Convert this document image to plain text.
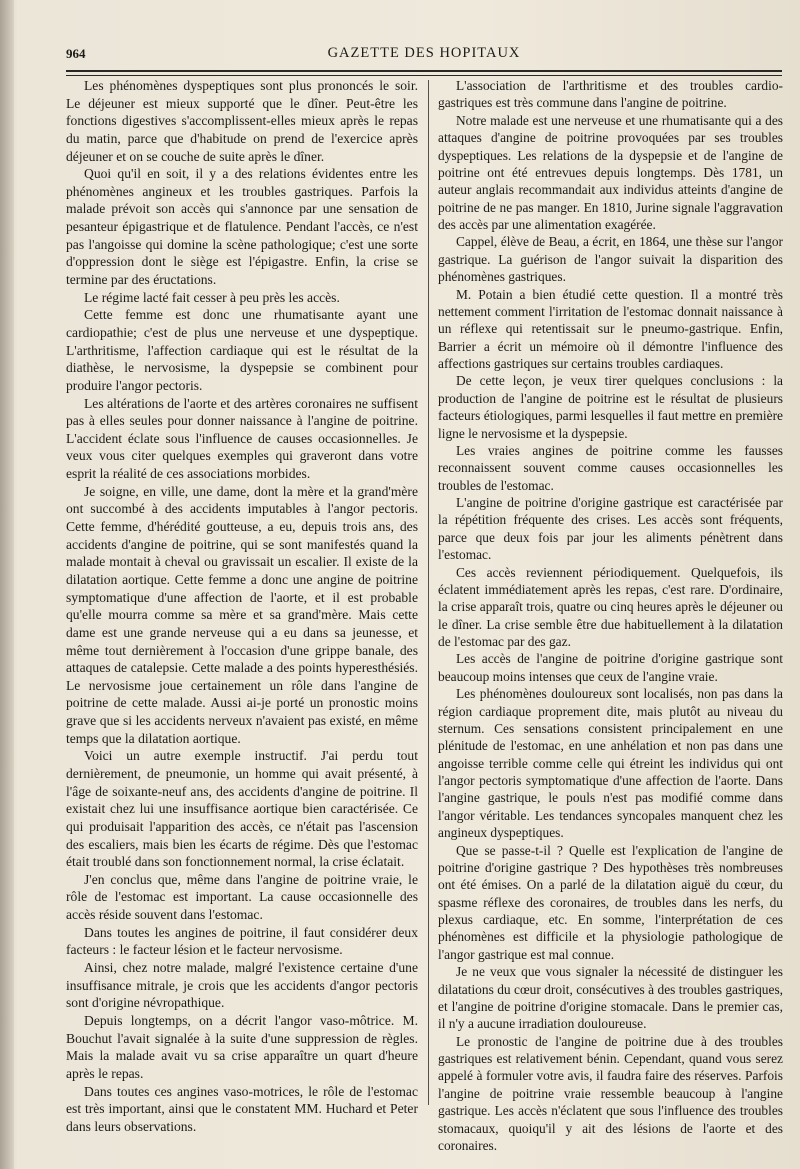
964	GAZETTE DES HOPITAUX

Les phénomènes dyspeptiques sont plus prononcés le soir. Le déjeuner est mieux supporté que le dîner. Peut-être les fonctions digestives s'accomplissent-elles mieux après le repas du matin, parce que d'habitude on prend de l'exercice après déjeuner et on se couche de suite après le dîner.

Quoi qu'il en soit, il y a des relations évidentes entre les phénomènes angineux et les troubles gastriques. Parfois la malade prévoit son accès qui s'annonce par une sensation de pesanteur épigastrique et de flatulence. Pendant l'accès, ce n'est pas l'angoisse qui domine la scène pathologique; c'est une sorte d'oppression dont le siège est l'épigastre. Enfin, la crise se termine par des éructations.

Le régime lacté fait cesser à peu près les accès.

Cette femme est donc une rhumatisante ayant une cardiopathie; c'est de plus une nerveuse et une dyspeptique. L'arthritisme, l'affection cardiaque qui est le résultat de la diathèse, le nervosisme, la dyspepsie se combinent pour produire l'angor pectoris.

Les altérations de l'aorte et des artères coronaires ne suffisent pas à elles seules pour donner naissance à l'angine de poitrine. L'accident éclate sous l'influence de causes occasionnelles. Je veux vous citer quelques exemples qui graveront dans votre esprit la réalité de ces associations morbides.

Je soigne, en ville, une dame, dont la mère et la grand'mère ont succombé à des accidents imputables à l'angor pectoris. Cette femme, d'hérédité goutteuse, a eu, depuis trois ans, des accidents d'angine de poitrine, qui se sont manifestés quand la malade montait à cheval ou gravissait un escalier. Il existe de la dilatation aortique. Cette femme a donc une angine de poitrine symptomatique d'une affection de l'aorte, et il est probable qu'elle mourra comme sa mère et sa grand'mère. Mais cette dame est une grande nerveuse qui a eu dans sa jeunesse, et même tout dernièrement à l'occasion d'une grippe banale, des attaques de catalepsie. Cette malade a des points hyperesthésiés. Le nervosisme joue certainement un rôle dans l'angine de poitrine de cette malade. Aussi ai-je porté un pronostic moins grave que si les accidents nerveux n'avaient pas existé, en même temps que la dilatation aortique.

Voici un autre exemple instructif. J'ai perdu tout dernièrement, de pneumonie, un homme qui avait présenté, à l'âge de soixante-neuf ans, des accidents d'angine de poitrine. Il existait chez lui une insuffisance aortique bien caractérisée. Ce qui produisait l'apparition des accès, ce n'était pas l'ascension des escaliers, mais bien les écarts de régime. Dès que l'estomac était troublé dans son fonctionnement normal, la crise éclatait.

J'en conclus que, même dans l'angine de poitrine vraie, le rôle de l'estomac est important. La cause occasionnelle des accès réside souvent dans l'estomac.

Dans toutes les angines de poitrine, il faut considérer deux facteurs : le facteur lésion et le facteur nervosisme.

Ainsi, chez notre malade, malgré l'existence certaine d'une insuffisance mitrale, je crois que les accidents d'angor pectoris sont d'origine névropathique.

Depuis longtemps, on a décrit l'angor vaso-môtrice. M. Bouchut l'avait signalée à la suite d'une suppression de règles. Mais la malade avait vu sa crise apparaître un quart d'heure après le repas.

Dans toutes ces angines vaso-motrices, le rôle de l'estomac est très important, ainsi que le constatent MM. Huchard et Peter dans leurs observations.

L'association de l'arthritisme et des troubles cardio-gastriques est très commune dans l'angine de poitrine.

Notre malade est une nerveuse et une rhumatisante qui a des attaques d'angine de poitrine provoquées par ses troubles dyspeptiques. Les relations de la dyspepsie et de l'angine de poitrine ont été entrevues depuis longtemps. Dès 1781, un auteur anglais recommandait aux individus atteints d'angine de poitrine de ne pas manger. En 1810, Jurine signale l'aggravation des accès par une alimentation exagérée.

Cappel, élève de Beau, a écrit, en 1864, une thèse sur l'angor gastrique. La guérison de l'angor suivait la disparition des phénomènes gastriques.

M. Potain a bien étudié cette question. Il a montré très nettement comment l'irritation de l'estomac donnait naissance à un réflexe qui retentissait sur le pneumo-gastrique. Enfin, Barrier a écrit un mémoire où il démontre l'influence des affections gastriques sur certains troubles cardiaques.

De cette leçon, je veux tirer quelques conclusions : la production de l'angine de poitrine est le résultat de plusieurs facteurs étiologiques, parmi lesquelles il faut mettre en première ligne le nervosisme et la dyspepsie.

Les vraies angines de poitrine comme les fausses reconnaissent souvent comme causes occasionnelles les troubles de l'estomac.

L'angine de poitrine d'origine gastrique est caractérisée par la répétition fréquente des crises. Les accès sont fréquents, parce que deux fois par jour les aliments pénètrent dans l'estomac.

Ces accès reviennent périodiquement. Quelquefois, ils éclatent immédiatement après les repas, c'est rare. D'ordinaire, la crise apparaît trois, quatre ou cinq heures après le déjeuner ou le dîner. La crise semble être due habituellement à la dilatation de l'estomac par des gaz.

Les accès de l'angine de poitrine d'origine gastrique sont beaucoup moins intenses que ceux de l'angine vraie.

Les phénomènes douloureux sont localisés, non pas dans la région cardiaque proprement dite, mais plutôt au niveau du sternum. Ces sensations consistent principalement en une plénitude de l'estomac, en une anhélation et non pas dans une angoisse terrible comme celle qui étreint les individus qui ont l'angor pectoris symptomatique d'une affection de l'aorte. Dans l'angine gastrique, le pouls n'est pas modifié comme dans l'angor véritable. Les tendances syncopales manquent chez les angineux dyspeptiques.

Que se passe-t-il ? Quelle est l'explication de l'angine de poitrine d'origine gastrique ? Des hypothèses très nombreuses ont été émises. On a parlé de la dilatation aiguë du cœur, du spasme réflexe des coronaires, de troubles dans les nerfs, du plexus cardiaque, etc. En somme, l'interprétation de ces phénomènes est difficile et la physiologie pathologique de l'angor gastrique est mal connue.

Je ne veux que vous signaler la nécessité de distinguer les dilatations du cœur droit, consécutives à des troubles gastriques, et l'angine de poitrine d'origine stomacale. Dans le premier cas, il n'y a aucune irradiation douloureuse.

Le pronostic de l'angine de poitrine due à des troubles gastriques est relativement bénin. Cependant, quand vous serez appelé à formuler votre avis, il faudra faire des réserves. Parfois l'angine de poitrine vraie ressemble beaucoup à l'angine gastrique. Les accès n'éclatent que sous l'influence des troubles stomacaux, quoiqu'il y ait des lésions de l'aorte et des coronaires.
